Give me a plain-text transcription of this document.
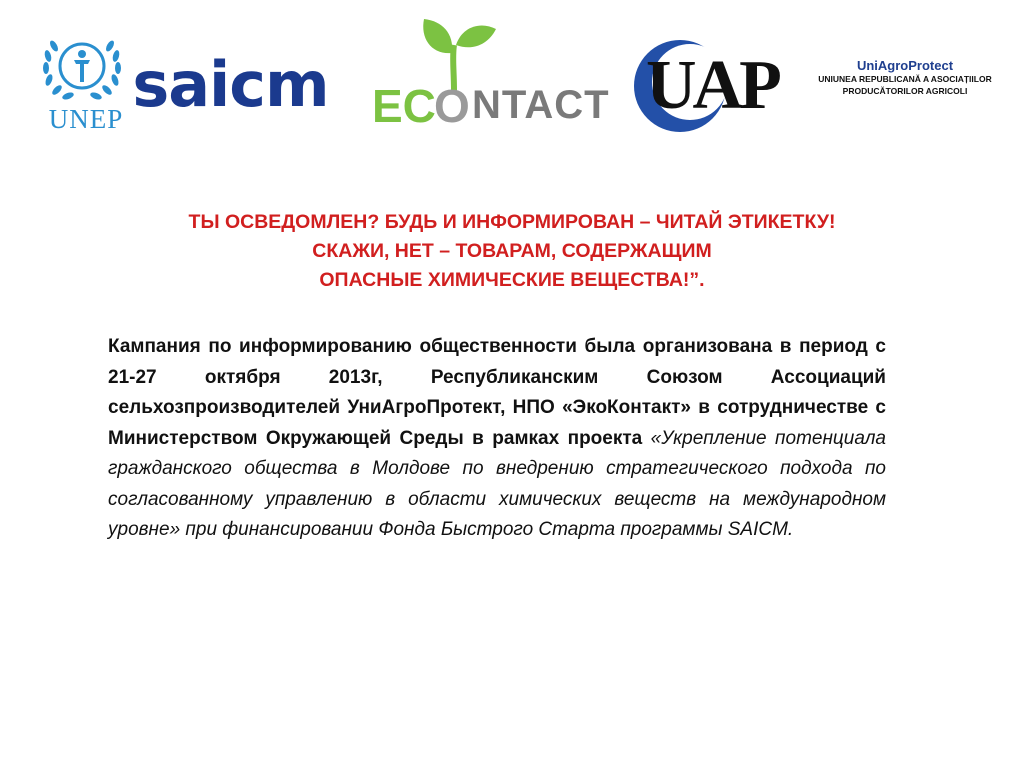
UNEP saicm EC
O NTACT UAP	UniAgroProtect
UNIUNEA REPUBLICANĂ A ASOCIAȚIILOR
PRODUCĂTORILOR AGRICOLI
ТЫ ОСВЕДОМЛЕН? БУДЬ И ИНФОРМИРОВАН – ЧИТАЙ ЭТИКЕТКУ!
СКАЖИ, НЕТ – ТОВАРАМ, СОДЕРЖАЩИМ
ОПАСНЫЕ ХИМИЧЕСКИЕ ВЕЩЕСТВА!”.
Кампания по информированию общественности была организована в период с 21-27 октября 2013г, Республиканским Союзом Ассоциаций сельхозпроизводителей УниАгроПротект, НПО «ЭкоКонтакт» в сотрудничестве с Министерством Окружающей Среды в рамках проекта «Укрепление потенциала гражданского общества в Молдове по внедрению стратегического подхода по согласованному управлению в области химических веществ на международном уровне» при финансировании Фонда Быстрого Старта программы SAICM.
